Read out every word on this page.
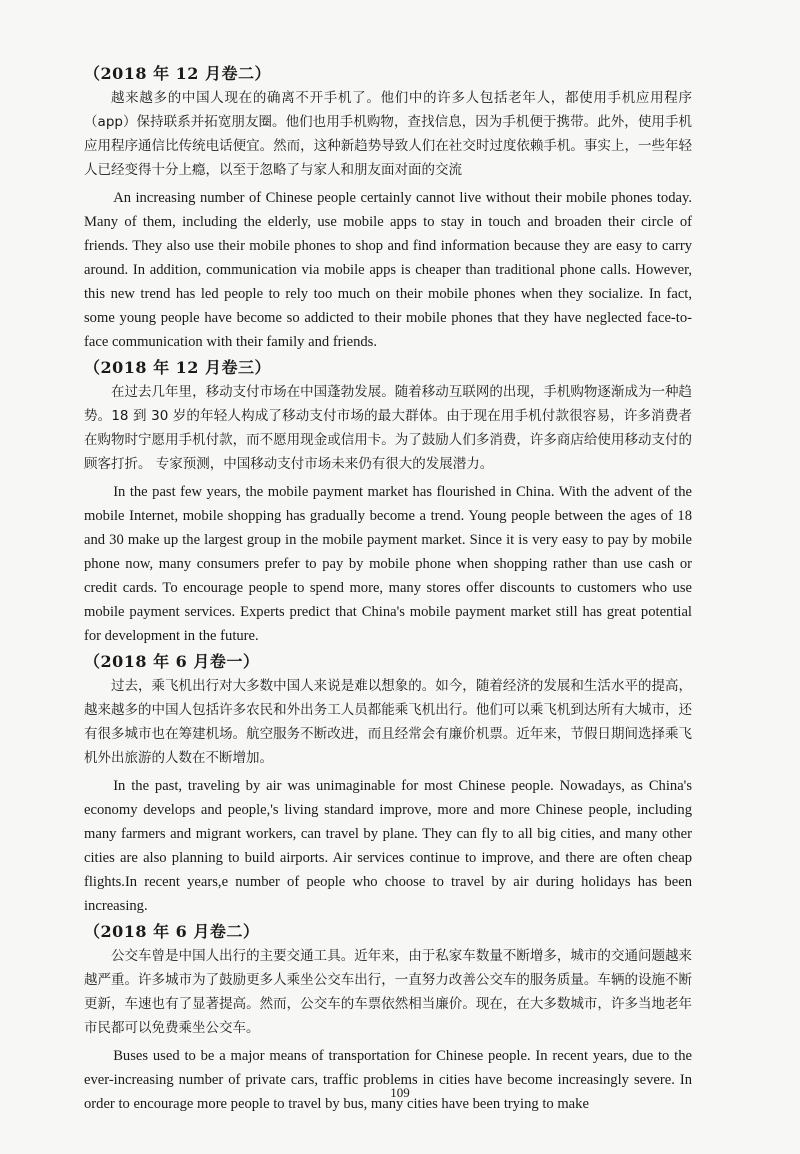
（2018 年 12 月卷二）

越来越多的中国人现在的确离不开手机了。他们中的许多人包括老年人，都使用手机应用程序（app）保持联系并拓宽朋友圈。他们也用手机购物，查找信息，因为手机便于携带。此外，使用手机应用程序通信比传统电话便宜。然而，这种新趋势导致人们在社交时过度依赖手机。事实上，一些年轻人已经变得十分上瘾，以至于忽略了与家人和朋友面对面的交流

An increasing number of Chinese people certainly cannot live without their mobile phones today. Many of them, including the elderly, use mobile apps to stay in touch and broaden their circle of friends. They also use their mobile phones to shop and find information because they are easy to carry around. In addition, communication via mobile apps is cheaper than traditional phone calls. However, this new trend has led people to rely too much on their mobile phones when they socialize. In fact, some young people have become so addicted to their mobile phones that they have neglected face-to-face communication with their family and friends.

（2018 年 12 月卷三）

在过去几年里，移动支付市场在中国蓬勃发展。随着移动互联网的出现，手机购物逐渐成为一种趋势。18 到 30 岁的年轻人构成了移动支付市场的最大群体。由于现在用手机付款很容易，许多消费者在购物时宁愿用手机付款，而不愿用现金或信用卡。为了鼓励人们多消费，许多商店给使用移动支付的顾客打折。 专家预测，中国移动支付市场未来仍有很大的发展潜力。

In the past few years, the mobile payment market has flourished in China. With the advent of the mobile Internet, mobile shopping has gradually become a trend. Young people between the ages of 18 and 30 make up the largest group in the mobile payment market. Since it is very easy to pay by mobile phone now, many consumers prefer to pay by mobile phone when shopping rather than use cash or credit cards. To encourage people to spend more, many stores offer discounts to customers who use mobile payment services. Experts predict that China's mobile payment market still has great potential for development in the future.

（2018 年 6 月卷一）

过去，乘飞机出行对大多数中国人来说是难以想象的。如今，随着经济的发展和生活水平的提高，越来越多的中国人包括许多农民和外出务工人员都能乘飞机出行。他们可以乘飞机到达所有大城市，还有很多城市也在筹建机场。航空服务不断改进，而且经常会有廉价机票。近年来，节假日期间选择乘飞机外出旅游的人数在不断增加。

In the past, traveling by air was unimaginable for most Chinese people. Nowadays, as China's economy develops and people,'s living standard improve, more and more Chinese people, including many farmers and migrant workers, can travel by plane. They can fly to all big cities, and many other cities are also planning to build airports. Air services continue to improve, and there are often cheap flights.In recent years,e number of people who choose to travel by air during holidays has been increasing.

（2018 年 6 月卷二）

公交车曾是中国人出行的主要交通工具。近年来，由于私家车数量不断增多，城市的交通问题越来越严重。许多城市为了鼓励更多人乘坐公交车出行，一直努力改善公交车的服务质量。车辆的设施不断更新，车速也有了显著提高。然而，公交车的车票依然相当廉价。现在，在大多数城市，许多当地老年市民都可以免费乘坐公交车。

Buses used to be a major means of transportation for Chinese people. In recent years, due to the ever-increasing number of private cars, traffic problems in cities have become increasingly severe. In order to encourage more people to travel by bus, many cities have been trying to make

109
